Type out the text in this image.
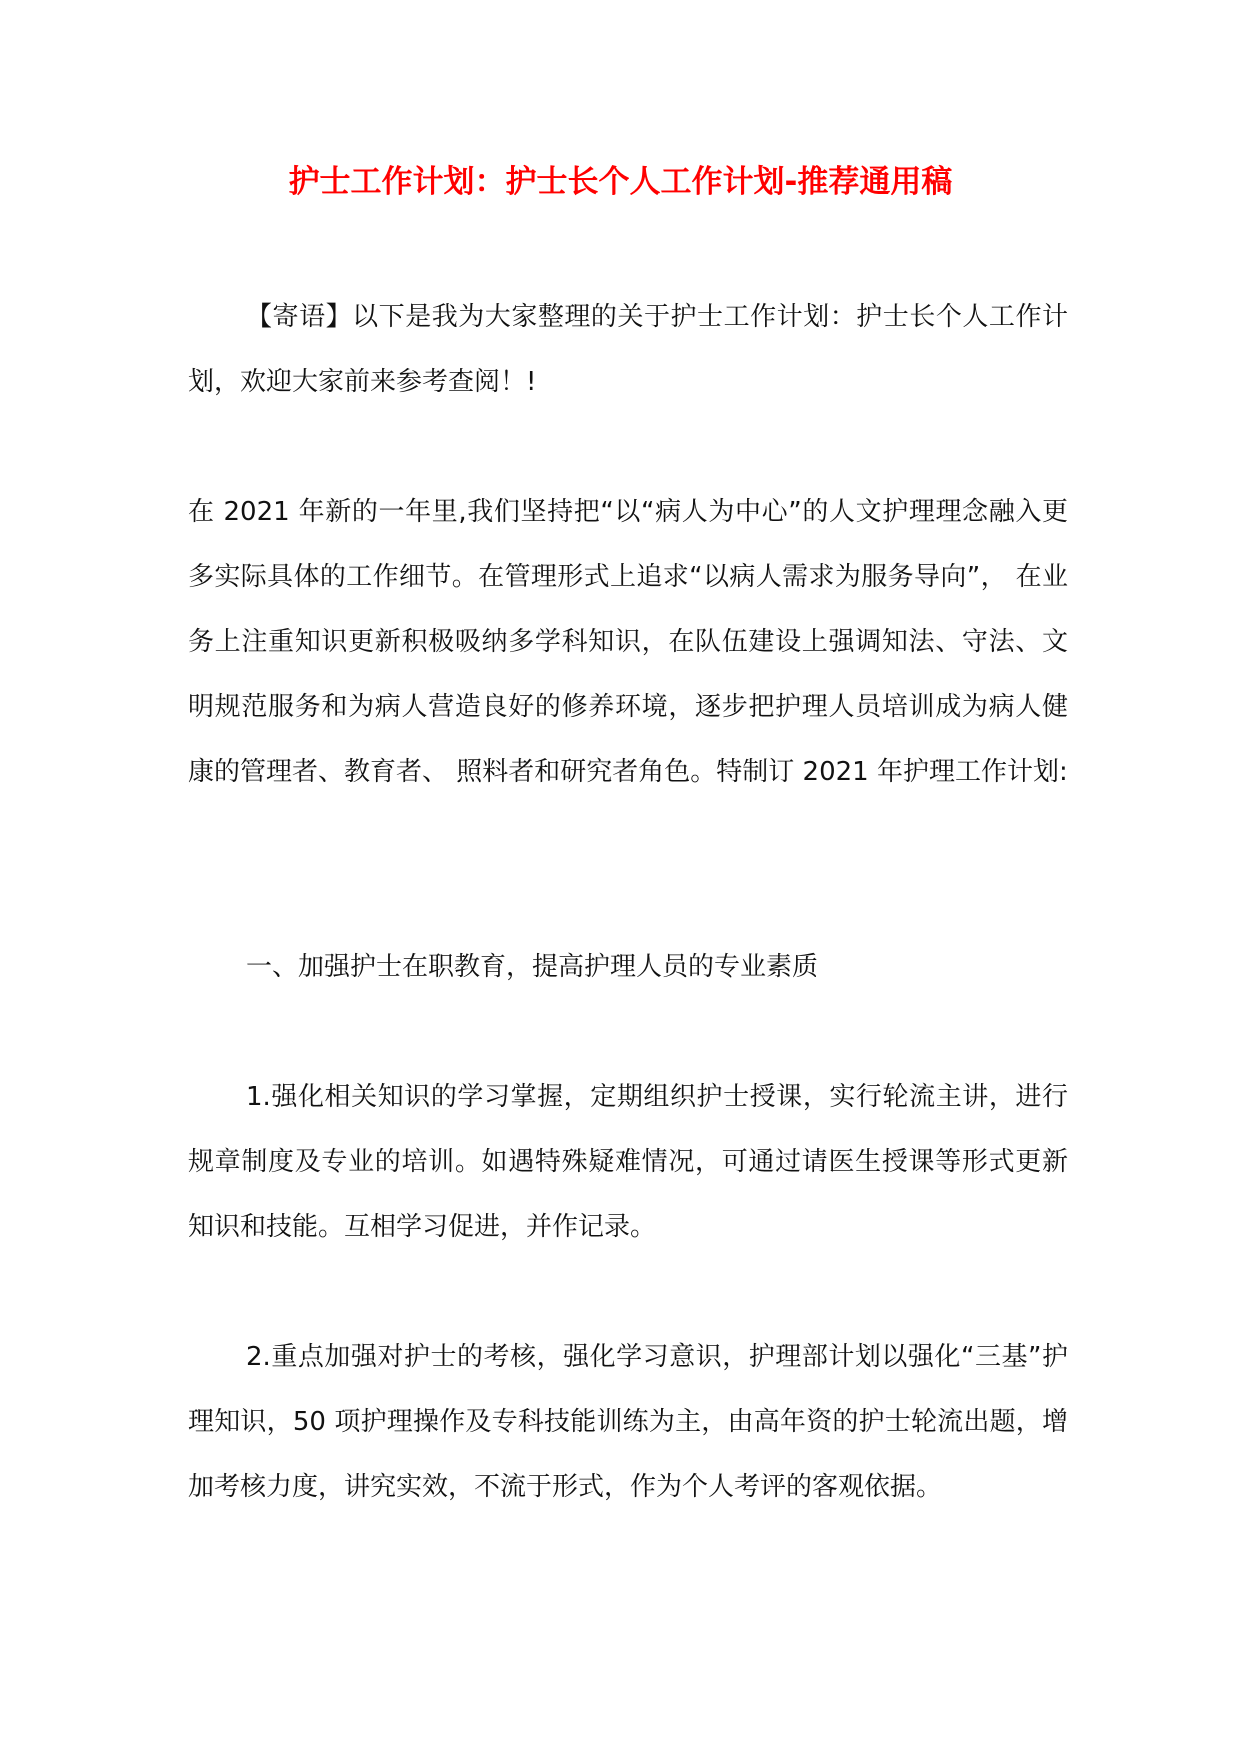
护士工作计划：护士长个人工作计划-推荐通用稿

【寄语】以下是我为大家整理的关于护士工作计划：护士长个人工作计划，欢迎大家前来参考查阅！!

在 2021 年新的一年里,我们坚持把“以“病人为中心”的人文护理理念融入更多实际具体的工作细节。在管理形式上追求“以病人需求为服务导向”， 在业务上注重知识更新积极吸纳多学科知识，在队伍建设上强调知法、守法、文明规范服务和为病人营造良好的修养环境，逐步把护理人员培训成为病人健康的管理者、教育者、 照料者和研究者角色。特制订 2021 年护理工作计划:

一、加强护士在职教育，提高护理人员的专业素质

1.强化相关知识的学习掌握，定期组织护士授课，实行轮流主讲，进行规章制度及专业的培训。如遇特殊疑难情况，可通过请医生授课等形式更新知识和技能。互相学习促进，并作记录。

2.重点加强对护士的考核，强化学习意识，护理部计划以强化“三基”护理知识，50 项护理操作及专科技能训练为主，由高年资的护士轮流出题，增加考核力度，讲究实效，不流于形式，作为个人考评的客观依据。
